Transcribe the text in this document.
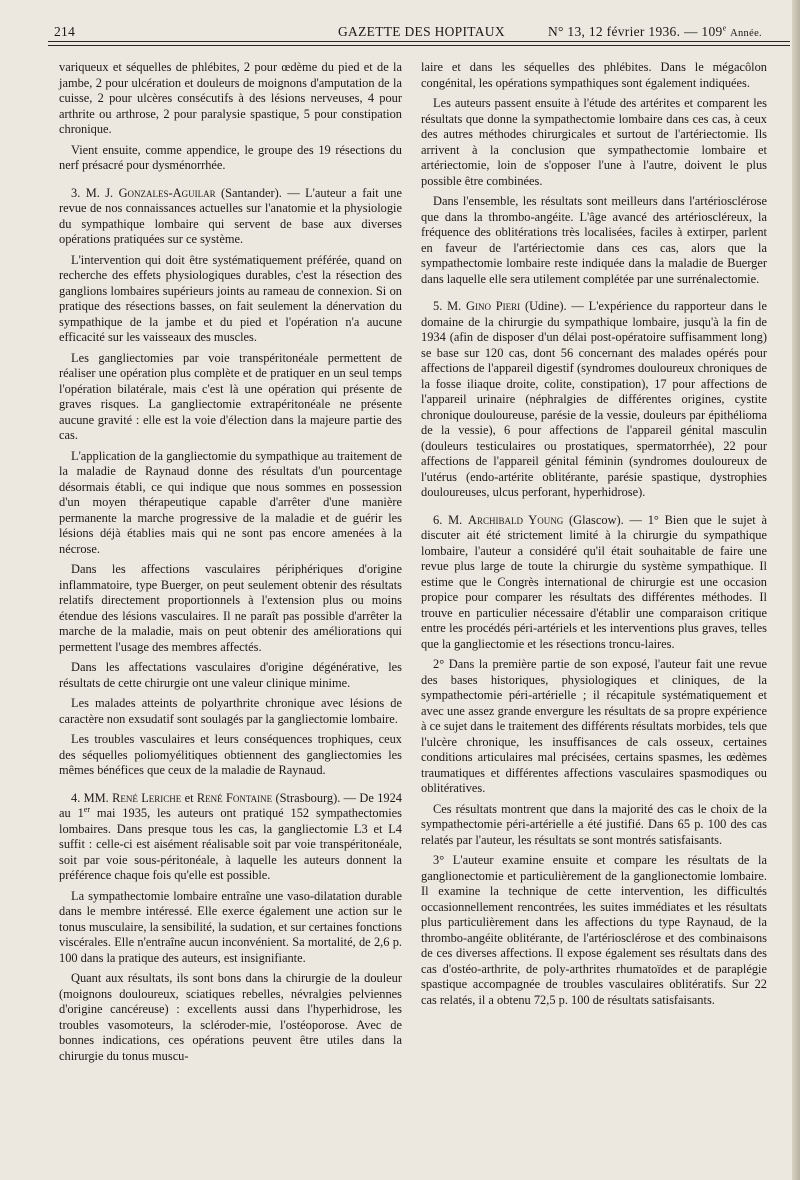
214	GAZETTE DES HOPITAUX	N° 13, 12 février 1936. — 109e Année.

variqueux et séquelles de phlébites, 2 pour œdème du pied et de la jambe, 2 pour ulcération et douleurs de moignons d'amputation de la cuisse, 2 pour ulcères consécutifs à des lésions nerveuses, 4 pour arthrite ou arthrose, 2 pour paralysie spastique, 5 pour constipation chronique.

Vient ensuite, comme appendice, le groupe des 19 résections du nerf présacré pour dysménorrhée.

3. M. J. Gonzales-Aguilar (Santander). — L'auteur a fait une revue de nos connaissances actuelles sur l'anatomie et la physiologie du sympathique lombaire qui servent de base aux diverses opérations pratiquées sur ce système.

L'intervention qui doit être systématiquement préférée, quand on recherche des effets physiologiques durables, c'est la résection des ganglions lombaires supérieurs joints au rameau de connexion. Si on pratique des résections basses, on fait seulement la dénervation du sympathique de la jambe et du pied et l'opération n'a aucune efficacité sur les vaisseaux des muscles.

Les gangliectomies par voie transpéritonéale permettent de réaliser une opération plus complète et de pratiquer en un seul temps l'opération bilatérale, mais c'est là une opération qui présente de graves risques. La gangliectomie extrapéritonéale ne présente aucune gravité : elle est la voie d'élection dans la majeure partie des cas.

L'application de la gangliectomie du sympathique au traitement de la maladie de Raynaud donne des résultats d'un pourcentage désormais établi, ce qui indique que nous sommes en possession d'un moyen thérapeutique capable d'arrêter d'une manière permanente la marche progressive de la maladie et de guérir les lésions déjà établies mais qui ne sont pas encore amenées à la nécrose.

Dans les affections vasculaires périphériques d'origine inflammatoire, type Buerger, on peut seulement obtenir des résultats relatifs directement proportionnels à l'extension plus ou moins étendue des lésions vasculaires. Il ne paraît pas possible d'arrêter la marche de la maladie, mais on peut obtenir des améliorations qui permettent l'usage des membres affectés.

Dans les affectations vasculaires d'origine dégénérative, les résultats de cette chirurgie ont une valeur clinique minime.

Les malades atteints de polyarthrite chronique avec lésions de caractère non exsudatif sont soulagés par la gangliectomie lombaire.

Les troubles vasculaires et leurs conséquences trophiques, ceux des séquelles poliomyélitiques obtiennent des gangliectomies les mêmes bénéfices que ceux de la maladie de Raynaud.

4. MM. René Leriche et René Fontaine (Strasbourg). — De 1924 au 1er mai 1935, les auteurs ont pratiqué 152 sympathectomies lombaires. Dans presque tous les cas, la gangliectomie L3 et L4 suffit : celle-ci est aisément réalisable soit par voie transpéritonéale, soit par voie sous-péritonéale, à laquelle les auteurs donnent la préférence chaque fois qu'elle est possible.

La sympathectomie lombaire entraîne une vaso-dilatation durable dans le membre intéressé. Elle exerce également une action sur le tonus musculaire, la sensibilité, la sudation, et sur certaines fonctions viscérales. Elle n'entraîne aucun inconvénient. Sa mortalité, de 2,6 p. 100 dans la pratique des auteurs, est insignifiante.

Quant aux résultats, ils sont bons dans la chirurgie de la douleur (moignons douloureux, sciatiques rebelles, névralgies pelviennes d'origine cancéreuse) : excellents aussi dans l'hyperhidrose, les troubles vasomoteurs, la scléroder-mie, l'ostéoporose. Avec de bonnes indications, ces opérations peuvent être utiles dans la chirurgie du tonus muscu-

laire et dans les séquelles des phlébites. Dans le mégacôlon congénital, les opérations sympathiques sont également indiquées.

Les auteurs passent ensuite à l'étude des artérites et comparent les résultats que donne la sympathectomie lombaire dans ces cas, à ceux des autres méthodes chirurgicales et surtout de l'artériectomie. Ils arrivent à la conclusion que sympathectomie lombaire et artériectomie, loin de s'opposer l'une à l'autre, doivent le plus possible être combinées.

Dans l'ensemble, les résultats sont meilleurs dans l'artériosclérose que dans la thrombo-angéite. L'âge avancé des artérioscléreux, la fréquence des oblitérations très localisées, faciles à extirper, parlent en faveur de l'artériectomie dans ces cas, alors que la sympathectomie lombaire reste indiquée dans la maladie de Buerger dans laquelle elle sera utilement complétée par une surrénalectomie.

5. M. Gino Pieri (Udine). — L'expérience du rapporteur dans le domaine de la chirurgie du sympathique lombaire, jusqu'à la fin de 1934 (afin de disposer d'un délai post-opératoire suffisamment long) se base sur 120 cas, dont 56 concernant des malades opérés pour affections de l'appareil digestif (syndromes douloureux chroniques de la fosse iliaque droite, colite, constipation), 17 pour affections de l'appareil urinaire (néphralgies de différentes origines, cystite chronique douloureuse, parésie de la vessie, douleurs par épithélioma de la vessie), 6 pour affections de l'appareil génital masculin (douleurs testiculaires ou prostatiques, spermatorrhée), 22 pour affections de l'appareil génital féminin (syndromes douloureux de l'utérus (endo-artérite oblitérante, parésie spastique, dystrophies douloureuses, ulcus perforant, hyperhidrose).

6. M. Archibald Young (Glascow). — 1° Bien que le sujet à discuter ait été strictement limité à la chirurgie du sympathique lombaire, l'auteur a considéré qu'il était souhaitable de faire une revue plus large de toute la chirurgie du système sympathique. Il estime que le Congrès international de chirurgie est une occasion propice pour comparer les résultats des différentes méthodes. Il trouve en particulier nécessaire d'établir une comparaison critique entre les procédés péri-artériels et les interventions plus graves, telles que la gangliectomie et les résections troncu-laires.

2° Dans la première partie de son exposé, l'auteur fait une revue des bases historiques, physiologiques et cliniques, de la sympathectomie péri-artérielle ; il récapitule systématiquement et avec une assez grande envergure les résultats de sa propre expérience à ce sujet dans le traitement des différents résultats morbides, tels que l'ulcère chronique, les insuffisances de cals osseux, certaines conditions articulaires mal précisées, certains spasmes, les œdèmes traumatiques et différentes affections vasculaires spasmodiques ou oblitératives.

Ces résultats montrent que dans la majorité des cas le choix de la sympathectomie péri-artérielle a été justifié. Dans 65 p. 100 des cas relatés par l'auteur, les résultats se sont montrés satisfaisants.

3° L'auteur examine ensuite et compare les résultats de la ganglionectomie et particulièrement de la ganglionectomie lombaire. Il examine la technique de cette intervention, les difficultés occasionnellement rencontrées, les suites immédiates et les résultats plus particulièrement dans les affections du type Raynaud, de la thrombo-angéite oblitérante, de l'artériosclérose et des combinaisons de ces diverses affections. Il expose également ses résultats dans des cas d'ostéo-arthrite, de poly-arthrites rhumatoïdes et de paraplégie spastique accompagnée de troubles vasculaires oblitératifs. Sur 22 cas relatés, il a obtenu 72,5 p. 100 de résultats satisfaisants.
